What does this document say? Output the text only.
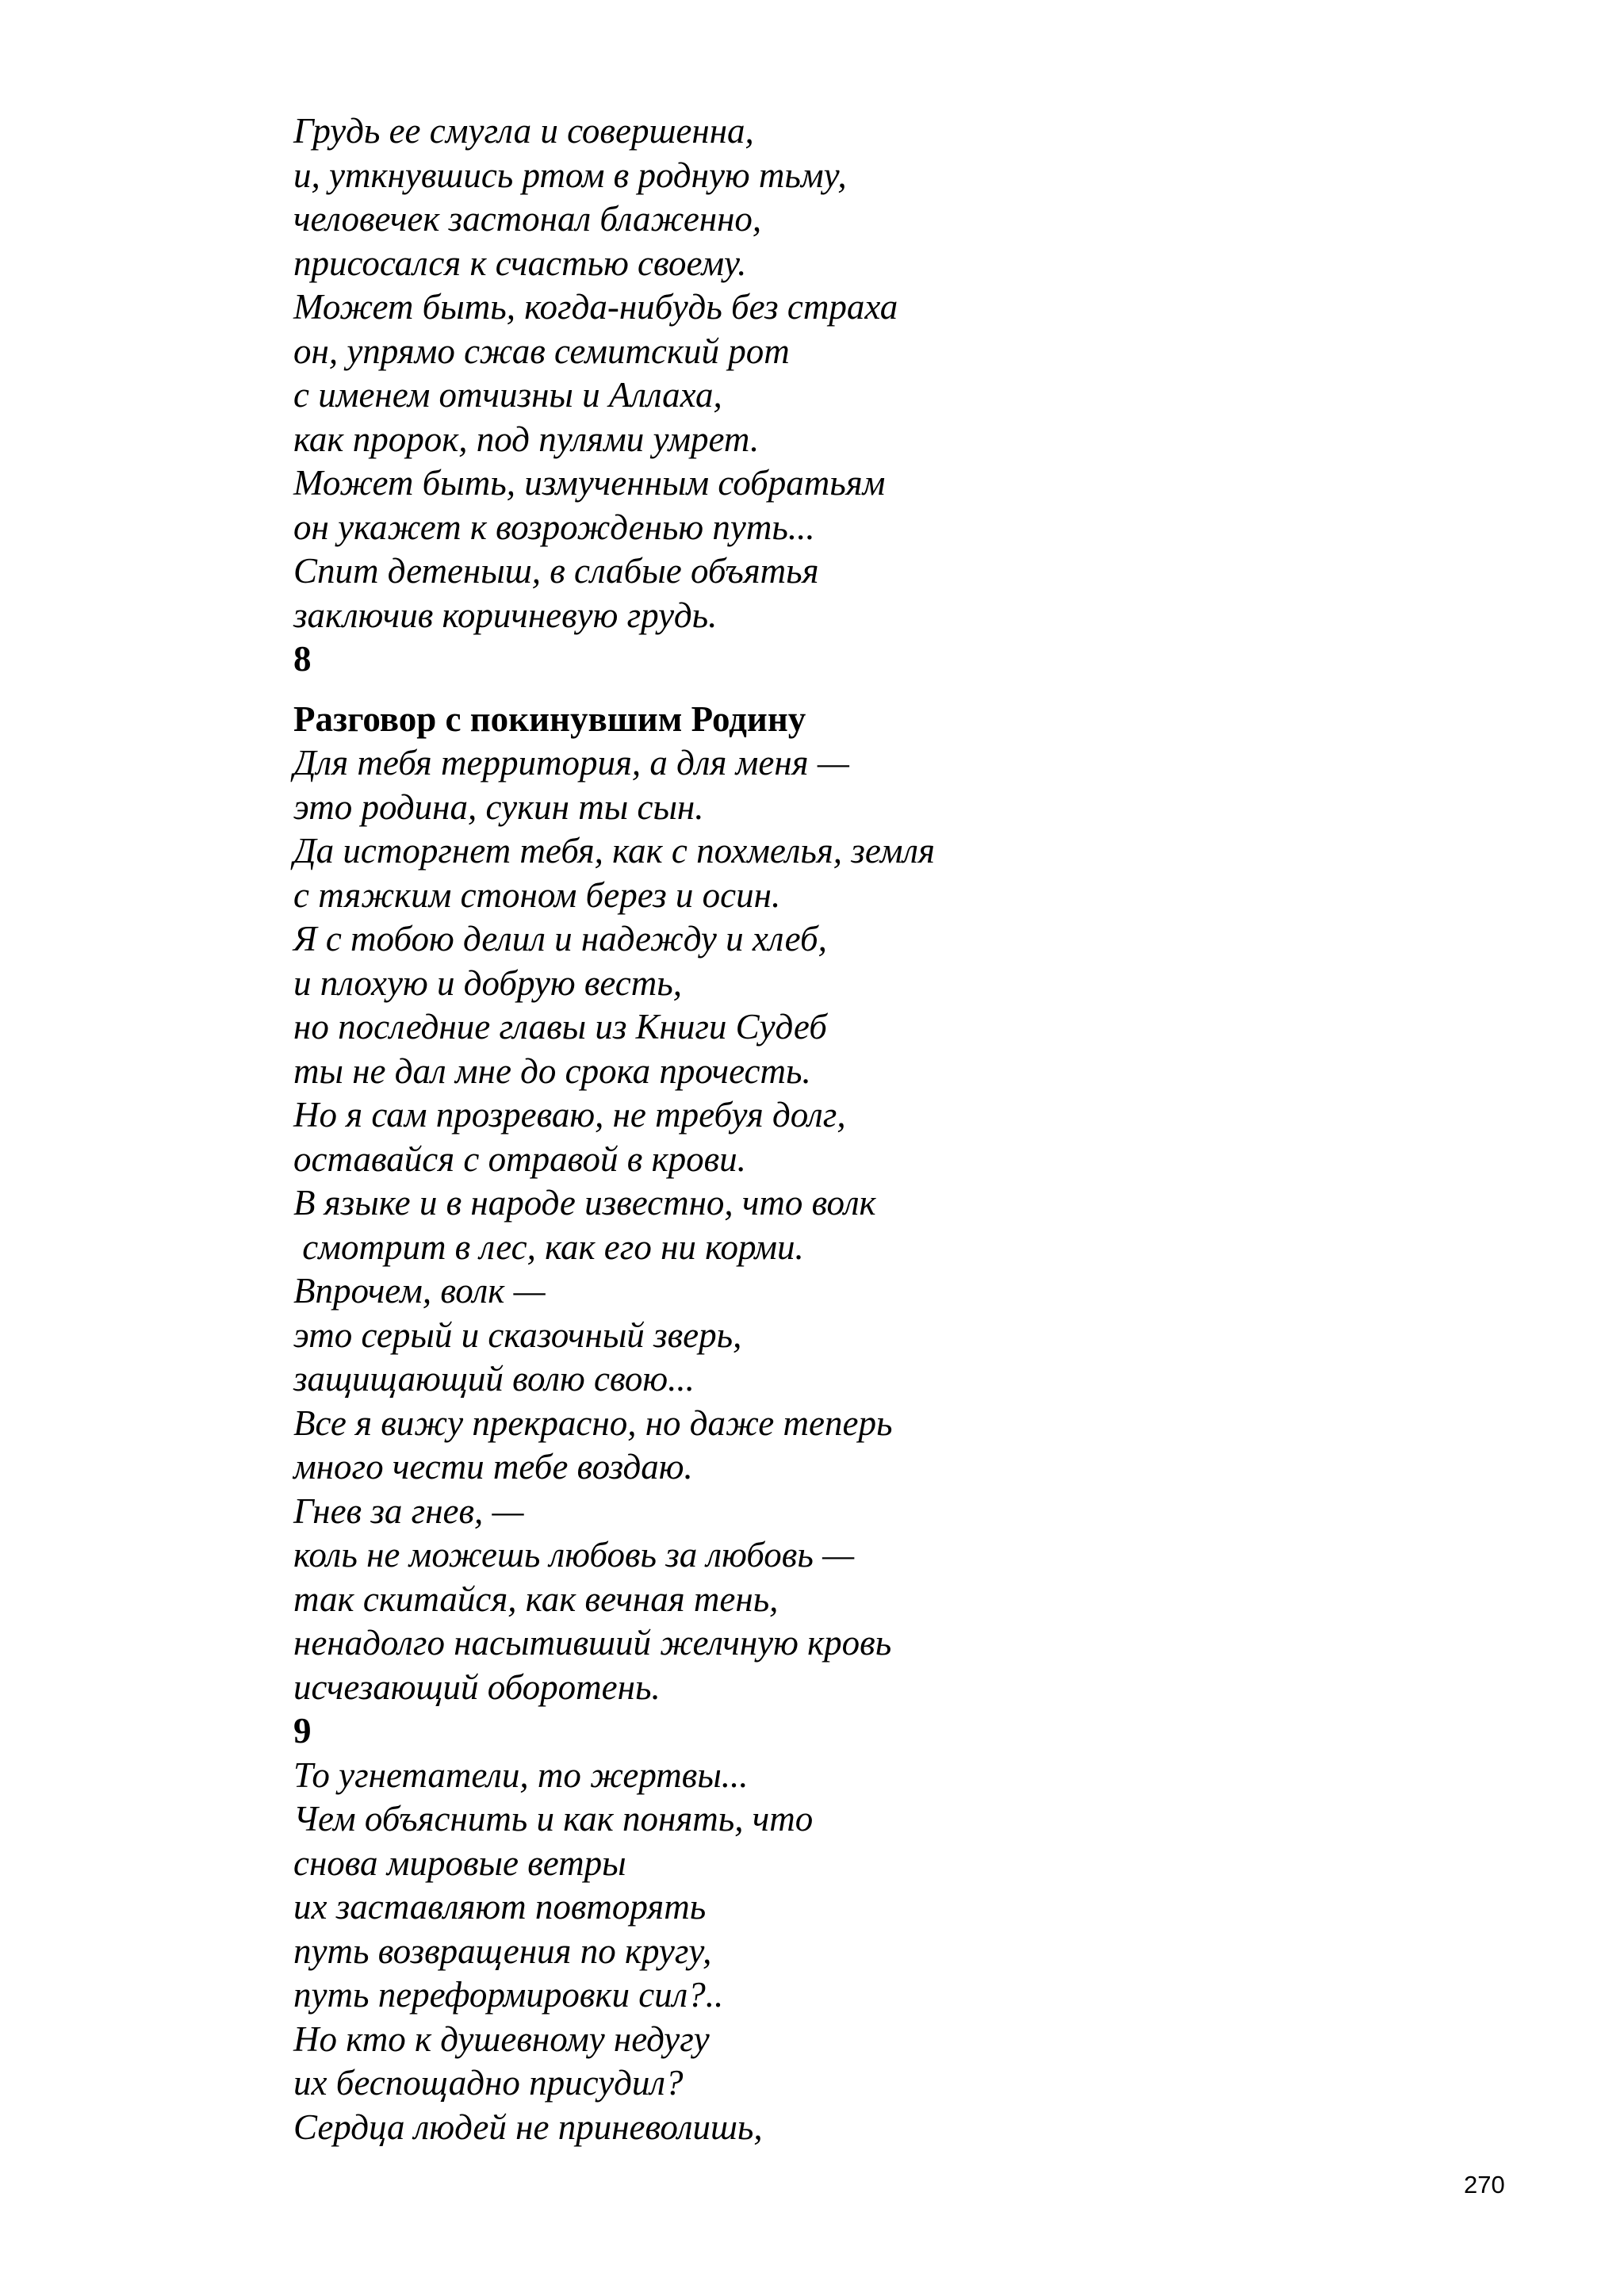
Грудь ее смугла и совершенна,
и, уткнувшись ртом в родную тьму,
человечек застонал блаженно,
присосался к счастью своему.
Может быть, когда-нибудь без страха
он, упрямо сжав семитский рот
с именем отчизны и Аллаха,
как пророк, под пулями умрет.
Может быть, измученным собратьям
он укажет к возрожденью путь...
Спит детеныш, в слабые объятья
заключив коричневую грудь.
8
Разговор с покинувшим Родину
Для тебя территория, а для меня —
это родина, сукин ты сын.
Да исторгнет тебя, как с похмелья, земля
с тяжким стоном берез и осин.
Я с тобою делил и надежду и хлеб,
и плохую и добрую весть,
но последние главы из Книги Судеб
ты не дал мне до срока прочесть.
Но я сам прозреваю, не требуя долг,
оставайся с отравой в крови.
В языке и в народе известно, что волк
смотрит в лес, как его ни корми.
Впрочем, волк —
это серый и сказочный зверь,
защищающий волю свою...
Все я вижу прекрасно, но даже теперь
много чести тебе воздаю.
Гнев за гнев, —
коль не можешь любовь за любовь —
так скитайся, как вечная тень,
ненадолго насытивший желчную кровь
исчезающий оборотень.
9
То угнетатели, то жертвы...
Чем объяснить и как понять, что
снова мировые ветры
их заставляют повторять
путь возвращения по кругу,
путь переформировки сил?..
Но кто к душевному недугу
их беспощадно присудил?
Сердца людей не приневолишь,
270
